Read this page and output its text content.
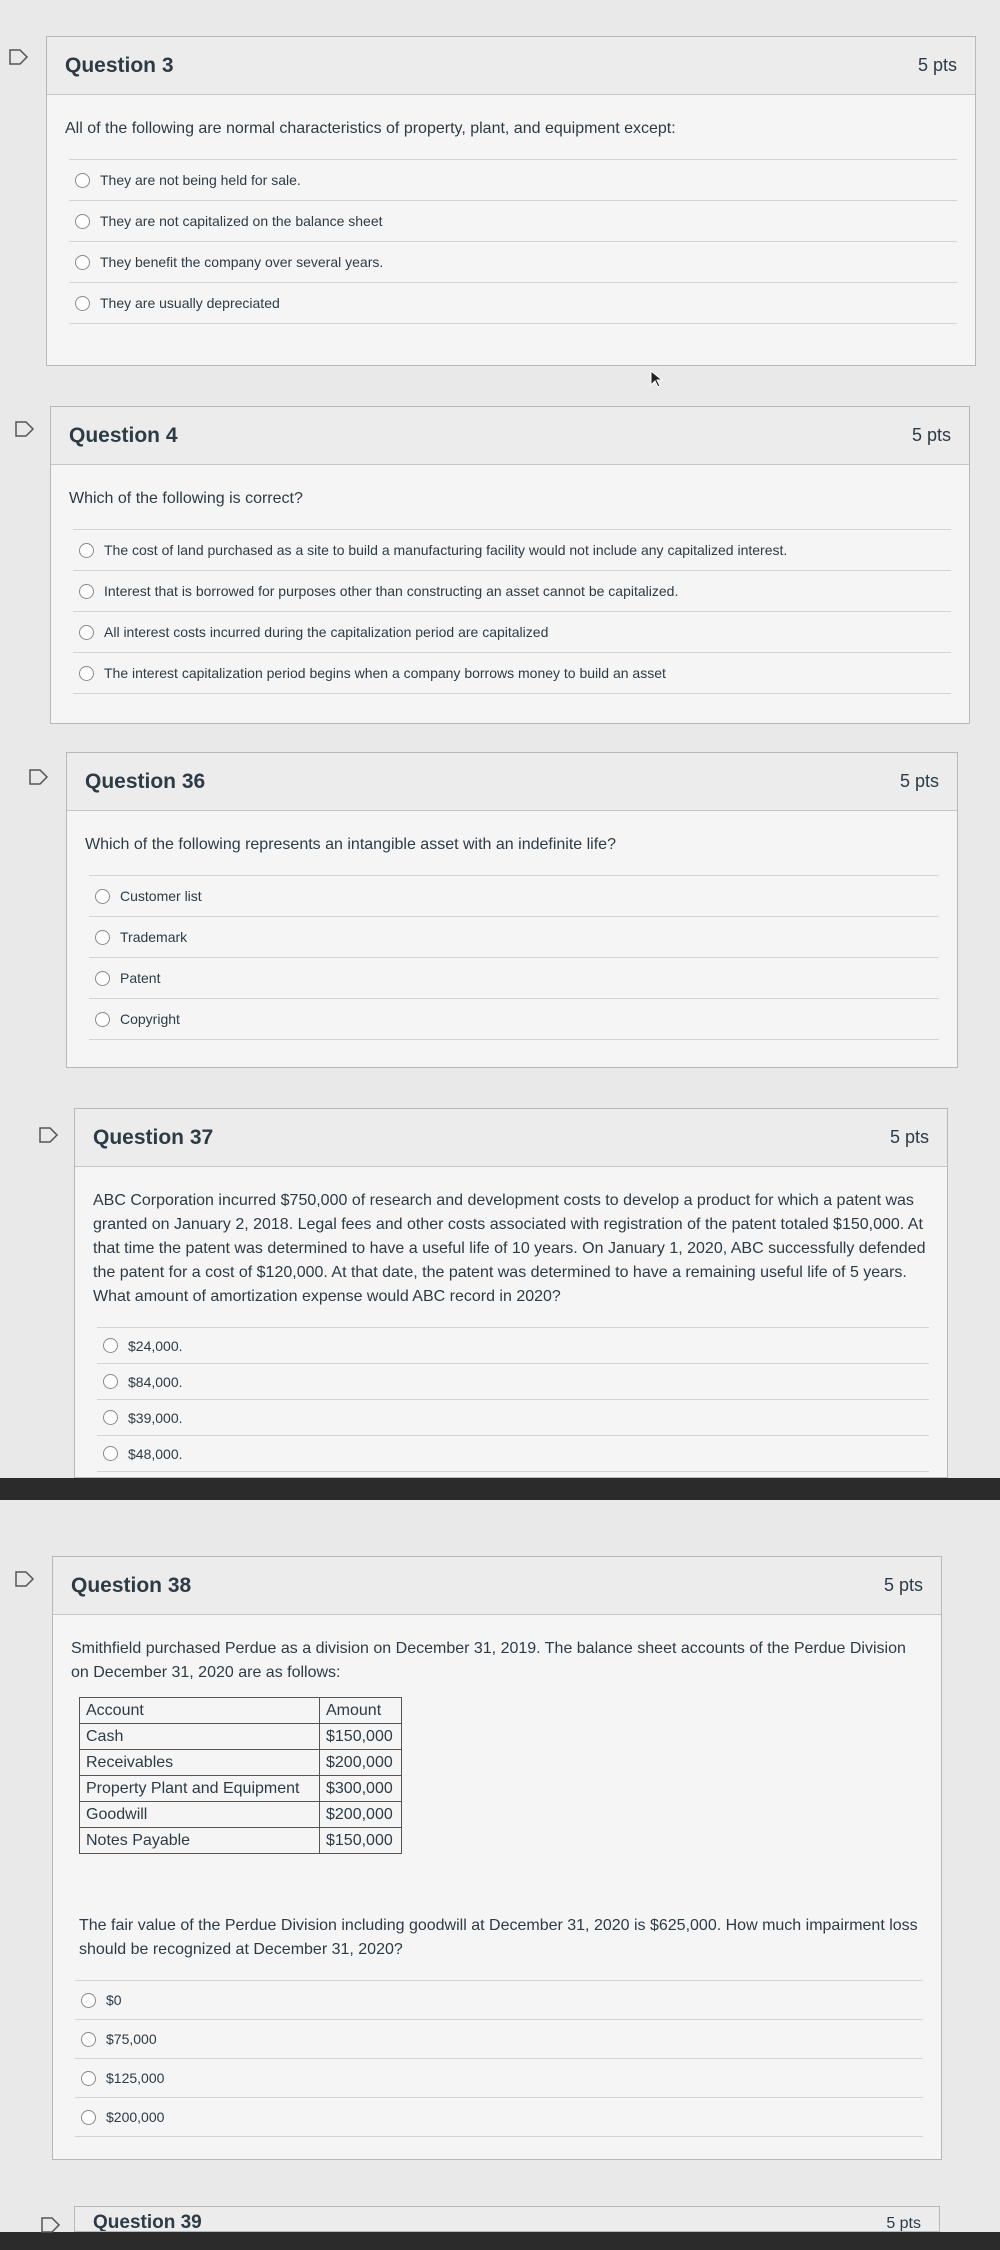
Question 3	5 pts
All of the following are normal characteristics of property, plant, and equipment except:
They are not being held for sale.
They are not capitalized on the balance sheet
They benefit the company over several years.
They are usually depreciated
Question 4	5 pts
Which of the following is correct?
The cost of land purchased as a site to build a manufacturing facility would not include any capitalized interest.
Interest that is borrowed for purposes other than constructing an asset cannot be capitalized.
All interest costs incurred during the capitalization period are capitalized
The interest capitalization period begins when a company borrows money to build an asset
Question 36	5 pts
Which of the following represents an intangible asset with an indefinite life?
Customer list
Trademark
Patent
Copyright
Question 37	5 pts
ABC Corporation incurred $750,000 of research and development costs to develop a product for which a patent was granted on January 2, 2018. Legal fees and other costs associated with registration of the patent totaled $150,000. At that time the patent was determined to have a useful life of 10 years. On January 1, 2020, ABC successfully defended the patent for a cost of $120,000. At that date, the patent was determined to have a remaining useful life of 5 years. What amount of amortization expense would ABC record in 2020?
$24,000.
$84,000.
$39,000.
$48,000.
Question 38	5 pts
Smithfield purchased Perdue as a division on December 31, 2019. The balance sheet accounts of the Perdue Division on December 31, 2020 are as follows:
Account	Amount
Cash	$150,000
Receivables	$200,000
Property Plant and Equipment	$300,000
Goodwill	$200,000
Notes Payable	$150,000
The fair value of the Perdue Division including goodwill at December 31, 2020 is $625,000. How much impairment loss should be recognized at December 31, 2020?
$0
$75,000
$125,000
$200,000
Question 39	5 pts
